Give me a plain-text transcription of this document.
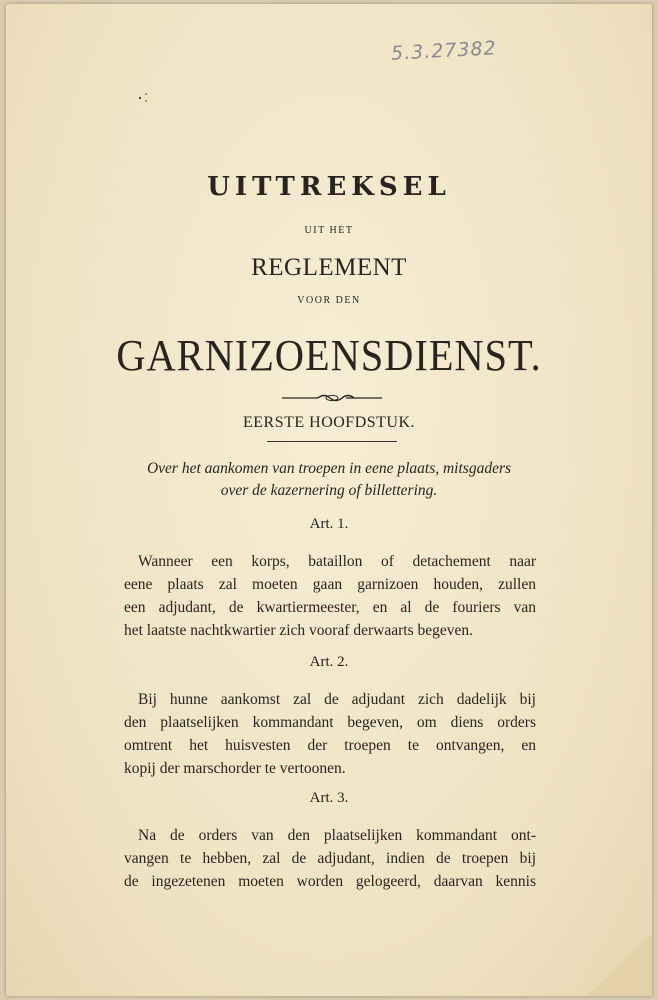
5.3.27382
UITTREKSEL
UIT HET
REGLEMENT
VOOR DEN
GARNIZOENSDIENST.
EERSTE HOOFDSTUK.
Over het aankomen van troepen in eene plaats, mitsgaders
over de kazernering of billettering.
Art. 1.
Wanneer een korps, bataillon of detachement naar
eene plaats zal moeten gaan garnizoen houden, zullen
een adjudant, de kwartiermeester, en al de fouriers van
het laatste nachtkwartier zich vooraf derwaarts begeven.
Art. 2.
Bij hunne aankomst zal de adjudant zich dadelijk bij
den plaatselijken kommandant begeven, om diens orders
omtrent het huisvesten der troepen te ontvangen, en
kopij der marschorder te vertoonen.
Art. 3.
Na de orders van den plaatselijken kommandant ont-
vangen te hebben, zal de adjudant, indien de troepen bij
de ingezetenen moeten worden gelogeerd, daarvan kennis
